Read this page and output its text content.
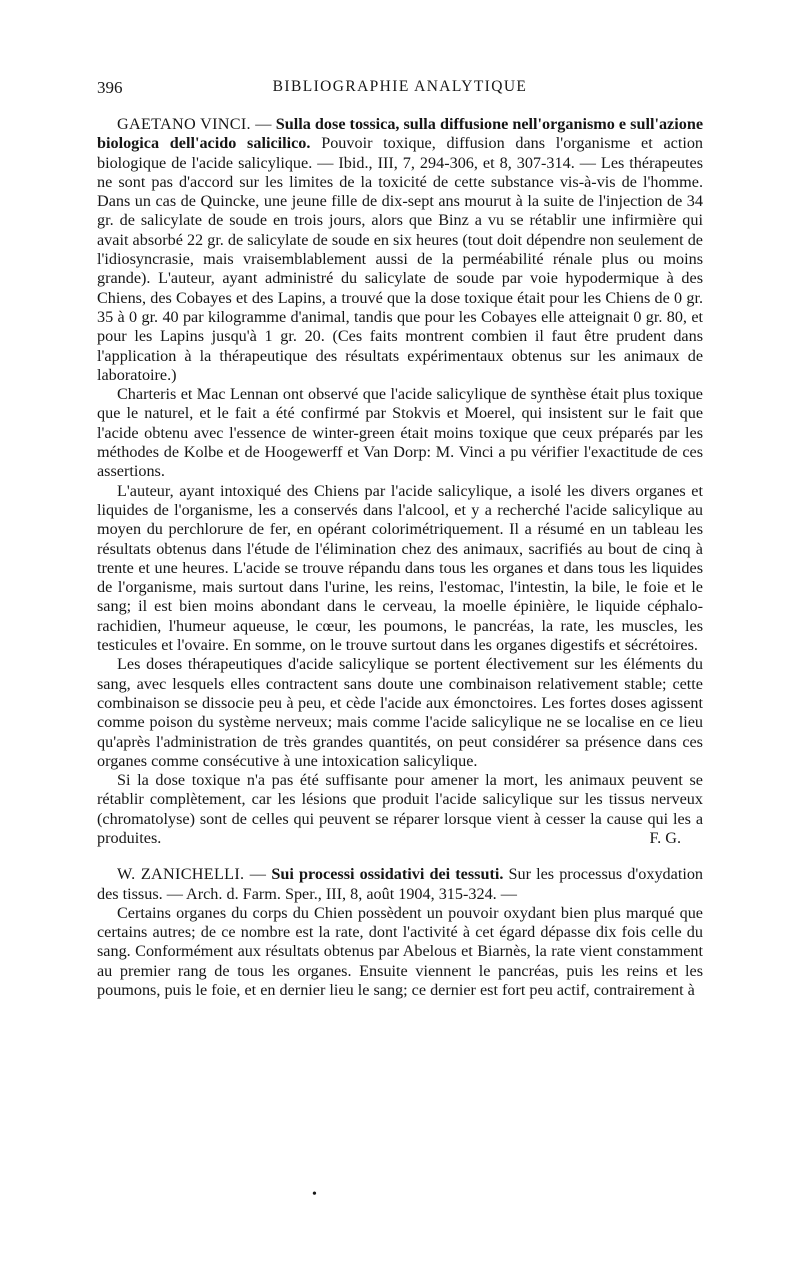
396	BIBLIOGRAPHIE ANALYTIQUE

GAETANO VINCI. — Sulla dose tossica, sulla diffusione nell'organismo e sull'azione biologica dell'acido salicilico. Pouvoir toxique, diffusion dans l'organisme et action biologique de l'acide salicylique. — Ibid., III, 7, 294-306, et 8, 307-314. — Les thérapeutes ne sont pas d'accord sur les limites de la toxicité de cette substance vis-à-vis de l'homme. Dans un cas de Quincke, une jeune fille de dix-sept ans mourut à la suite de l'injection de 34 gr. de salicylate de soude en trois jours, alors que Binz a vu se rétablir une infirmière qui avait absorbé 22 gr. de salicylate de soude en six heures (tout doit dépendre non seulement de l'idiosyncrasie, mais vraisemblablement aussi de la perméabilité rénale plus ou moins grande). L'auteur, ayant administré du salicylate de soude par voie hypodermique à des Chiens, des Cobayes et des Lapins, a trouvé que la dose toxique était pour les Chiens de 0 gr. 35 à 0 gr. 40 par kilogramme d'animal, tandis que pour les Cobayes elle atteignait 0 gr. 80, et pour les Lapins jusqu'à 1 gr. 20. (Ces faits montrent combien il faut être prudent dans l'application à la thérapeutique des résultats expérimentaux obtenus sur les animaux de laboratoire.)

Charteris et Mac Lennan ont observé que l'acide salicylique de synthèse était plus toxique que le naturel, et le fait a été confirmé par Stokvis et Moerel, qui insistent sur le fait que l'acide obtenu avec l'essence de winter-green était moins toxique que ceux préparés par les méthodes de Kolbe et de Hoogewerff et Van Dorp: M. Vinci a pu vérifier l'exactitude de ces assertions.

L'auteur, ayant intoxiqué des Chiens par l'acide salicylique, a isolé les divers organes et liquides de l'organisme, les a conservés dans l'alcool, et y a recherché l'acide salicylique au moyen du perchlorure de fer, en opérant colorimétriquement. Il a résumé en un tableau les résultats obtenus dans l'étude de l'élimination chez des animaux, sacrifiés au bout de cinq à trente et une heures. L'acide se trouve répandu dans tous les organes et dans tous les liquides de l'organisme, mais surtout dans l'urine, les reins, l'estomac, l'intestin, la bile, le foie et le sang; il est bien moins abondant dans le cerveau, la moelle épinière, le liquide céphalo-rachidien, l'humeur aqueuse, le cœur, les poumons, le pancréas, la rate, les muscles, les testicules et l'ovaire. En somme, on le trouve surtout dans les organes digestifs et sécrétoires.

Les doses thérapeutiques d'acide salicylique se portent électivement sur les éléments du sang, avec lesquels elles contractent sans doute une combinaison relativement stable; cette combinaison se dissocie peu à peu, et cède l'acide aux émonctoires. Les fortes doses agissent comme poison du système nerveux; mais comme l'acide salicylique ne se localise en ce lieu qu'après l'administration de très grandes quantités, on peut considérer sa présence dans ces organes comme consécutive à une intoxication salicylique.

Si la dose toxique n'a pas été suffisante pour amener la mort, les animaux peuvent se rétablir complètement, car les lésions que produit l'acide salicylique sur les tissus nerveux (chromatolyse) sont de celles qui peuvent se réparer lorsque vient à cesser la cause qui les a produites.	F. G.

W. ZANICHELLI. — Sui processi ossidativi dei tessuti. Sur les processus d'oxydation des tissus. — Arch. d. Farm. Sper., III, 8, août 1904, 315-324. —

Certains organes du corps du Chien possèdent un pouvoir oxydant bien plus marqué que certains autres; de ce nombre est la rate, dont l'activité à cet égard dépasse dix fois celle du sang. Conformément aux résultats obtenus par Abelous et Biarnès, la rate vient constamment au premier rang de tous les organes. Ensuite viennent le pancréas, puis les reins et les poumons, puis le foie, et en dernier lieu le sang; ce dernier est fort peu actif, contrairement à

•
